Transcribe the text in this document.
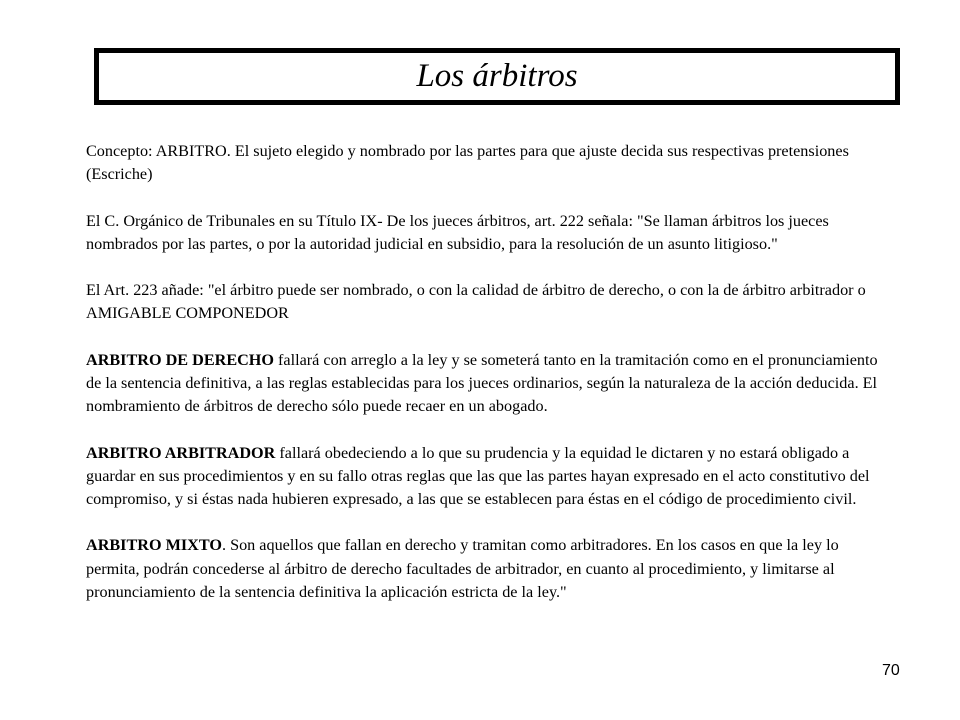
Los árbitros

Concepto: ARBITRO. El sujeto elegido y nombrado por las partes para que ajuste decida sus respectivas pretensiones (Escriche)

El C. Orgánico de Tribunales en su Título IX- De los jueces árbitros, art. 222 señala: "Se llaman árbitros los jueces nombrados por las partes, o por la autoridad judicial en subsidio, para la resolución de un asunto litigioso."

El Art. 223 añade: "el árbitro puede ser nombrado, o con la calidad de árbitro de derecho, o con la de árbitro arbitrador o AMIGABLE COMPONEDOR

ARBITRO DE DERECHO fallará con arreglo a la ley y se someterá tanto en la tramitación como en el pronunciamiento de la sentencia definitiva, a las reglas establecidas para los jueces ordinarios, según la naturaleza de la acción deducida. El nombramiento de árbitros de derecho sólo puede recaer en un abogado.

ARBITRO ARBITRADOR fallará obedeciendo a lo que su prudencia y la equidad le dictaren y no estará obligado a guardar en sus procedimientos y en su fallo otras reglas que las que las partes hayan expresado en el acto constitutivo del compromiso, y si éstas nada hubieren expresado, a las que se establecen para éstas en el código de procedimiento civil.

ARBITRO MIXTO. Son aquellos que fallan en derecho y tramitan como arbitradores. En los casos en que la ley lo permita, podrán concederse al árbitro de derecho facultades de arbitrador, en cuanto al procedimiento, y limitarse al pronunciamiento de la sentencia definitiva la aplicación estricta de la ley."

70
